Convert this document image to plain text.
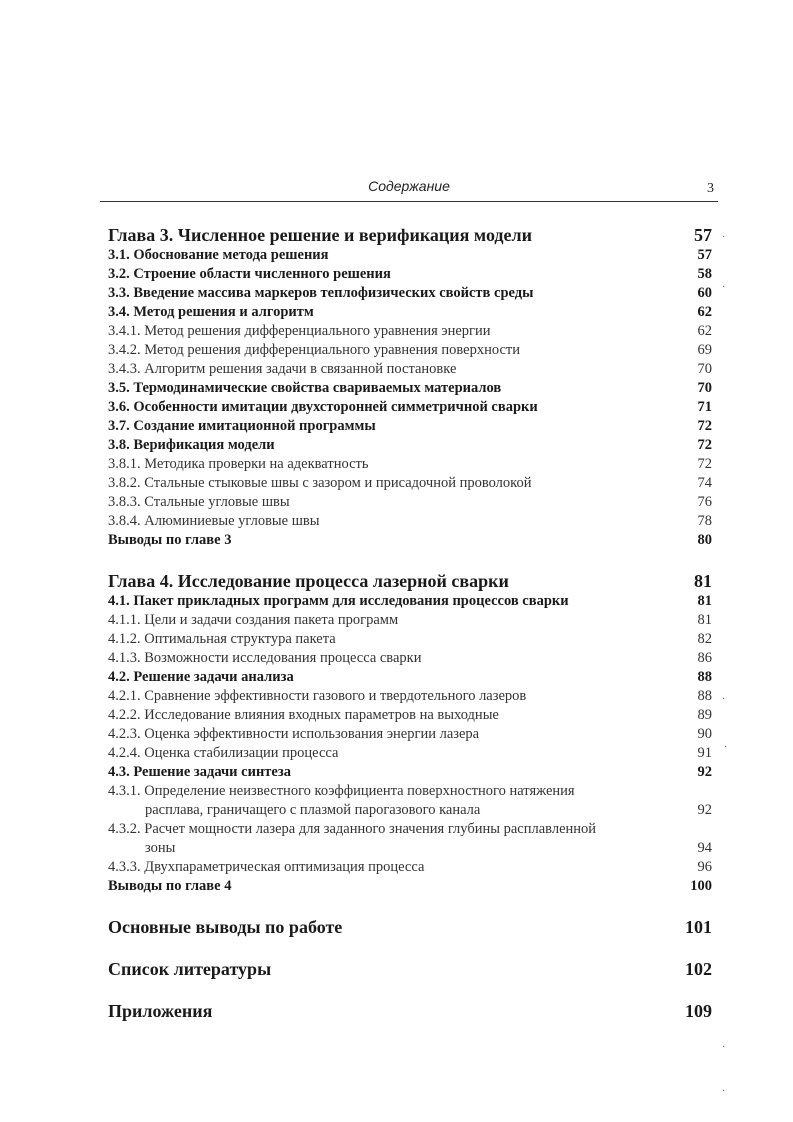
Содержание	3
Глава 3. Численное решение и верификация модели	57
3.1. Обоснование метода решения	57
3.2. Строение области численного решения	58
3.3. Введение массива маркеров теплофизических свойств среды	60
3.4. Метод решения и алгоритм	62
3.4.1. Метод решения дифференциального уравнения энергии	62
3.4.2. Метод решения дифференциального уравнения поверхности	69
3.4.3. Алгоритм решения задачи в связанной постановке	70
3.5. Термодинамические свойства свариваемых материалов	70
3.6. Особенности имитации двухсторонней симметричной сварки	71
3.7. Создание имитационной программы	72
3.8. Верификация модели	72
3.8.1. Методика проверки на адекватность	72
3.8.2. Стальные стыковые швы с зазором и присадочной проволокой	74
3.8.3. Стальные угловые швы	76
3.8.4. Алюминиевые угловые швы	78
Выводы по главе 3	80
Глава 4. Исследование процесса лазерной сварки	81
4.1. Пакет прикладных программ для исследования процессов сварки	81
4.1.1. Цели и задачи создания пакета программ	81
4.1.2. Оптимальная структура пакета	82
4.1.3. Возможности исследования процесса сварки	86
4.2. Решение задачи анализа	88
4.2.1. Сравнение эффективности газового и твердотельного лазеров	88
4.2.2. Исследование влияния входных параметров на выходные	89
4.2.3. Оценка эффективности использования энергии лазера	90
4.2.4. Оценка стабилизации процесса	91
4.3. Решение задачи синтеза	92
4.3.1. Определение неизвестного коэффициента поверхностного натяжения
расплава, граничащего с плазмой парогазового канала	92
4.3.2. Расчет мощности лазера для заданного значения глубины расплавленной
зоны	94
4.3.3. Двухпараметрическая оптимизация процесса	96
Выводы по главе 4	100
Основные выводы по работе	101
Список литературы	102
Приложения	109
·
·
·
·
·
·
